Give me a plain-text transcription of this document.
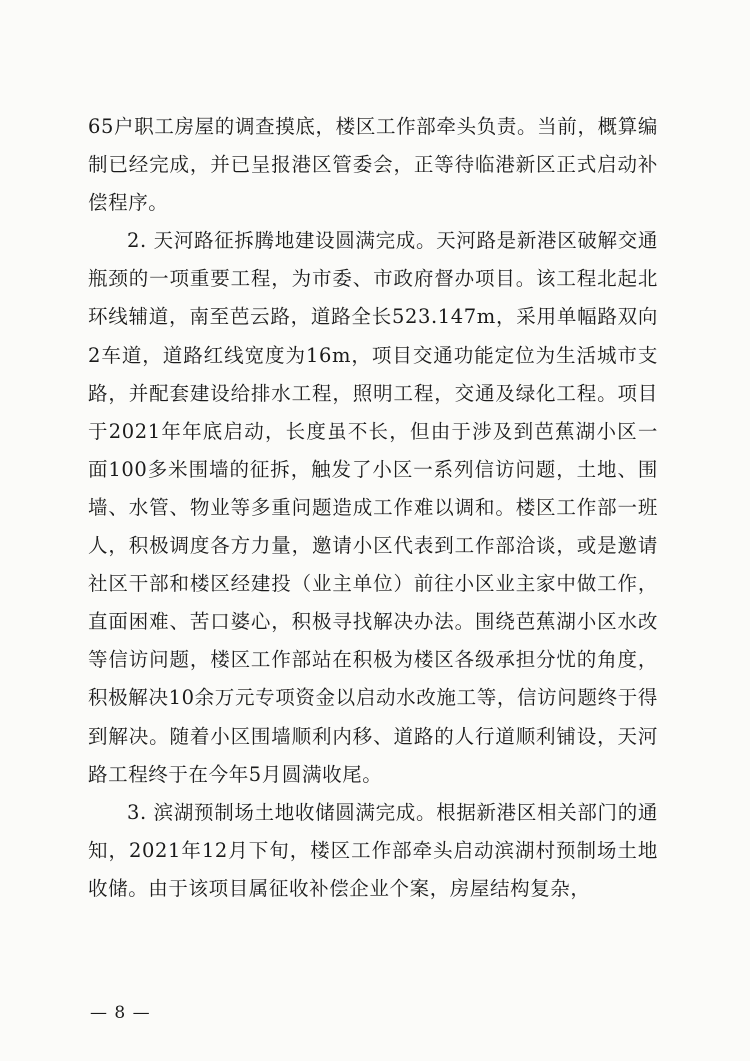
65户职工房屋的调查摸底，楼区工作部牵头负责。当前，概算编制已经完成，并已呈报港区管委会，正等待临港新区正式启动补偿程序。

2. 天河路征拆腾地建设圆满完成。天河路是新港区破解交通瓶颈的一项重要工程，为市委、市政府督办项目。该工程北起北环线辅道，南至芭云路，道路全长523.147m，采用单幅路双向2车道，道路红线宽度为16m，项目交通功能定位为生活城市支路，并配套建设给排水工程，照明工程，交通及绿化工程。项目于2021年年底启动，长度虽不长，但由于涉及到芭蕉湖小区一面100多米围墙的征拆，触发了小区一系列信访问题，土地、围墙、水管、物业等多重问题造成工作难以调和。楼区工作部一班人，积极调度各方力量，邀请小区代表到工作部洽谈，或是邀请社区干部和楼区经建投（业主单位）前往小区业主家中做工作，直面困难、苦口婆心，积极寻找解决办法。围绕芭蕉湖小区水改等信访问题，楼区工作部站在积极为楼区各级承担分忧的角度，积极解决10余万元专项资金以启动水改施工等，信访问题终于得到解决。随着小区围墙顺利内移、道路的人行道顺利铺设，天河路工程终于在今年5月圆满收尾。

3. 滨湖预制场土地收储圆满完成。根据新港区相关部门的通知，2021年12月下旬，楼区工作部牵头启动滨湖村预制场土地收储。由于该项目属征收补偿企业个案，房屋结构复杂，

— 8 —
